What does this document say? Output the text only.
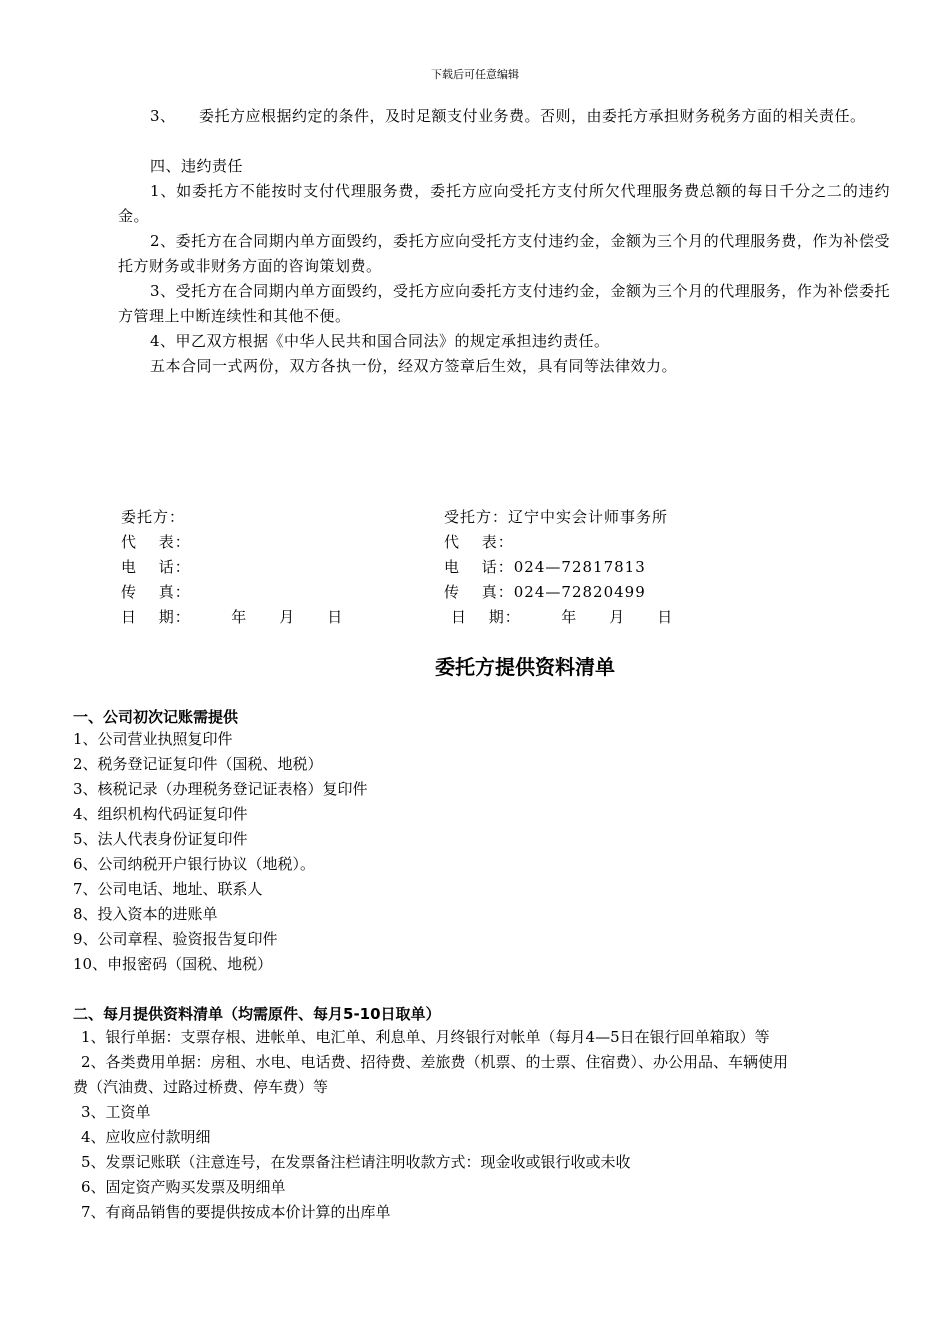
下载后可任意编辑
3、　　委托方应根据约定的条件，及时足额支付业务费。否则，由委托方承担财务税务方面的相关责任。
四、违约责任
1、如委托方不能按时支付代理服务费，委托方应向受托方支付所欠代理服务费总额的每日千分之二的违约金。
2、委托方在合同期内单方面毁约，委托方应向受托方支付违约金，金额为三个月的代理服务费，作为补偿受托方财务或非财务方面的咨询策划费。
3、受托方在合同期内单方面毁约，受托方应向委托方支付违约金，金额为三个月的代理服务，作为补偿委托方管理上中断连续性和其他不便。
4、甲乙双方根据《中华人民共和国合同法》的规定承担违约责任。
五本合同一式两份，双方各执一份，经双方签章后生效，具有同等法律效力。
委托方：
代　 表：
电　 话：
传　 真：
日　 期：　　　年　　月　　日
受托方：辽宁中实会计师事务所
代　 表：
电　 话：024—72817813
传　 真：024—72820499
日　 期：　　　年　　月　　日
委托方提供资料清单
一、公司初次记账需提供
1、公司营业执照复印件
2、税务登记证复印件（国税、地税）
3、核税记录（办理税务登记证表格）复印件
4、组织机构代码证复印件
5、法人代表身份证复印件
6、公司纳税开户银行协议（地税）。
7、公司电话、地址、联系人
8、投入资本的进账单
9、公司章程、验资报告复印件
10、申报密码（国税、地税）
二、每月提供资料清单（均需原件、每月5-10日取单）
1、银行单据：支票存根、进帐单、电汇单、利息单、月终银行对帐单（每月4—5日在银行回单箱取）等
2、各类费用单据：房租、水电、电话费、招待费、差旅费（机票、的士票、住宿费）、办公用品、车辆使用
费（汽油费、过路过桥费、停车费）等
3、工资单
4、应收应付款明细
5、发票记账联（注意连号，在发票备注栏请注明收款方式：现金收或银行收或未收
6、固定资产购买发票及明细单
7、有商品销售的要提供按成本价计算的出库单
